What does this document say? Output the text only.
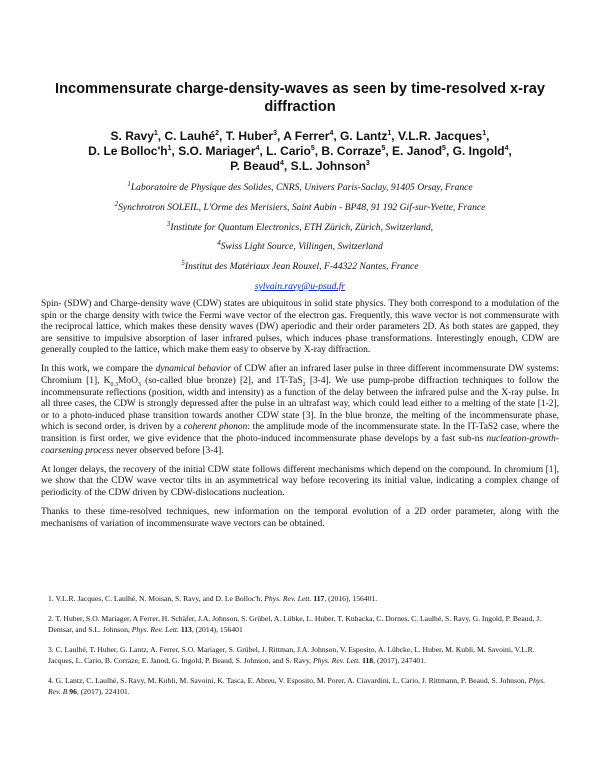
Incommensurate charge-density-waves as seen by time-resolved x-ray diffraction
S. Ravy$^1$, C. Lauhé$^2$, T. Huber$^3$, A Ferrer$^4$, G. Lantz$^1$, V.L.R. Jacques$^1$,
D. Le $Bolloc'h^1$, S.O. Mariager$^4$, L. Cario$^5$, B. Corraze$^5$, E. Janod$^5$, G. Ingold$^4$,
P. Beaud$^4$, S.L. Johnson$^3$
$^1$Laboratoire de Physique des Solides, CNRS, Univers Paris-Saclay, 91405 Orsay, France
$^2$Synchrotron SOLEIL, L'Orme des Merisiers, Saint Aubin - BP48, 91 192 Gif-sur-Yvette, France
$^3$Institute for Quantum Electronics, ETH Zürich, Zürich, Switzerland,
$^4$Swiss Light Source, Villingen, Switzerland
$^5$Institut des Matériaux Jean Rouxel, F-44322 Nantes, France
sylvain.ravy@u-psud.fr

Spin- (SDW) and Charge-density wave (CDW) states are ubiquitous in solid state physics. They both correspond to a modulation of the spin or the charge density with twice the Fermi wave vector of the electron gas. Frequently, this wave vector is not commensurate with the reciprocal lattice, which makes these density waves (DW) aperiodic and their order parameters 2D. As both states are gapped, they are sensitive to impulsive absorption of laser infrared pulses, which induces phase transformations. Interestingly enough, CDW are generally coupled to the lattice, which make them easy to observe by X-ray diffraction.

In this work, we compare the dynamical behavior of CDW after an infrared laser pulse in three different incommensurate DW systems: Chromium [1], $K_{0.3}MoO_3$ (so-called blue bronze) [2], and 1T-TaS$_2$ [3-4]. We use pump-probe diffraction techniques to follow the incommensurate reflections (position, width and intensity) as a function of the delay between the infrared pulse and the X-ray pulse. In all three cases, the CDW is strongly depressed after the pulse in an ultrafast way, which could lead either to a melting of the state [1-2], or to a photo-induced phase transition towards another CDW state [3]. In the blue bronze, the melting of the incommensurate phase, which is second order, is driven by a coherent phonon: the amplitude mode of the incommensurate state. In the IT-TaS2 case, where the transition is first order, we give evidence that the photo-induced incommensurate phase develops by a fast sub-ns nucleation-growth-coarsening process never observed before [3-4].

At longer delays, the recovery of the initial CDW state follows different mechanisms which depend on the compound. In chromium [1], we show that the CDW wave vector tilts in an asymmetrical way before recovering its initial value, indicating a complex change of periodicity of the CDW driven by CDW-dislocations nucleation.

Thanks to these time-resolved techniques, new information on the temporal evolution of a 2D order parameter, along with the mechanisms of variation of incommensurate wave vectors can be obtained.

1. V.L.R. Jacques, C. Laulhé, N. Moisan, S. Ravy, and D. Le Bolloc'h, Phys. Rev. Lett. 117, (2016), 156401.
2. T. Huber, S.O. Mariager, A Ferrer, H. Schäfer, J.A. Johnson, S. Grübel, A. Lübke, L. Huber, T. Kubacka, C. Dornes, C. Laulhé, S. Ravy, G. Ingold, P. Beaud, J. Demsar, and S.L. Johnson, Phys. Rev. Lett. 113, (2014), 156401
3. C. Laulhé, T. Huber, G. Lantz, A. Ferrer, S.O. Mariager, S. Grübel, J. Rittman, J.A. Johnson, V. Esposito, A. Lübcke, L. Huber, M. Kubli, M. Savoini, V.L.R. Jacques, L. Cario, B. Corraze, E. Janod, G. Ingold, P. Beaud, S. Johnson, and S. Ravy, Phys. Rev. Lett. 118, (2017), 247401.
4. G. Lantz, C. Laulhé, S. Ravy, M. Kubli, M. Savoini, K. Tasca, E. Abreu, V. Esposito, M. Porer, A. Ciavardini, L. Cario, J. Rittmann, P. Beaud, S. Johnson, Phys. Rev. B 96, (2017), 224101.
